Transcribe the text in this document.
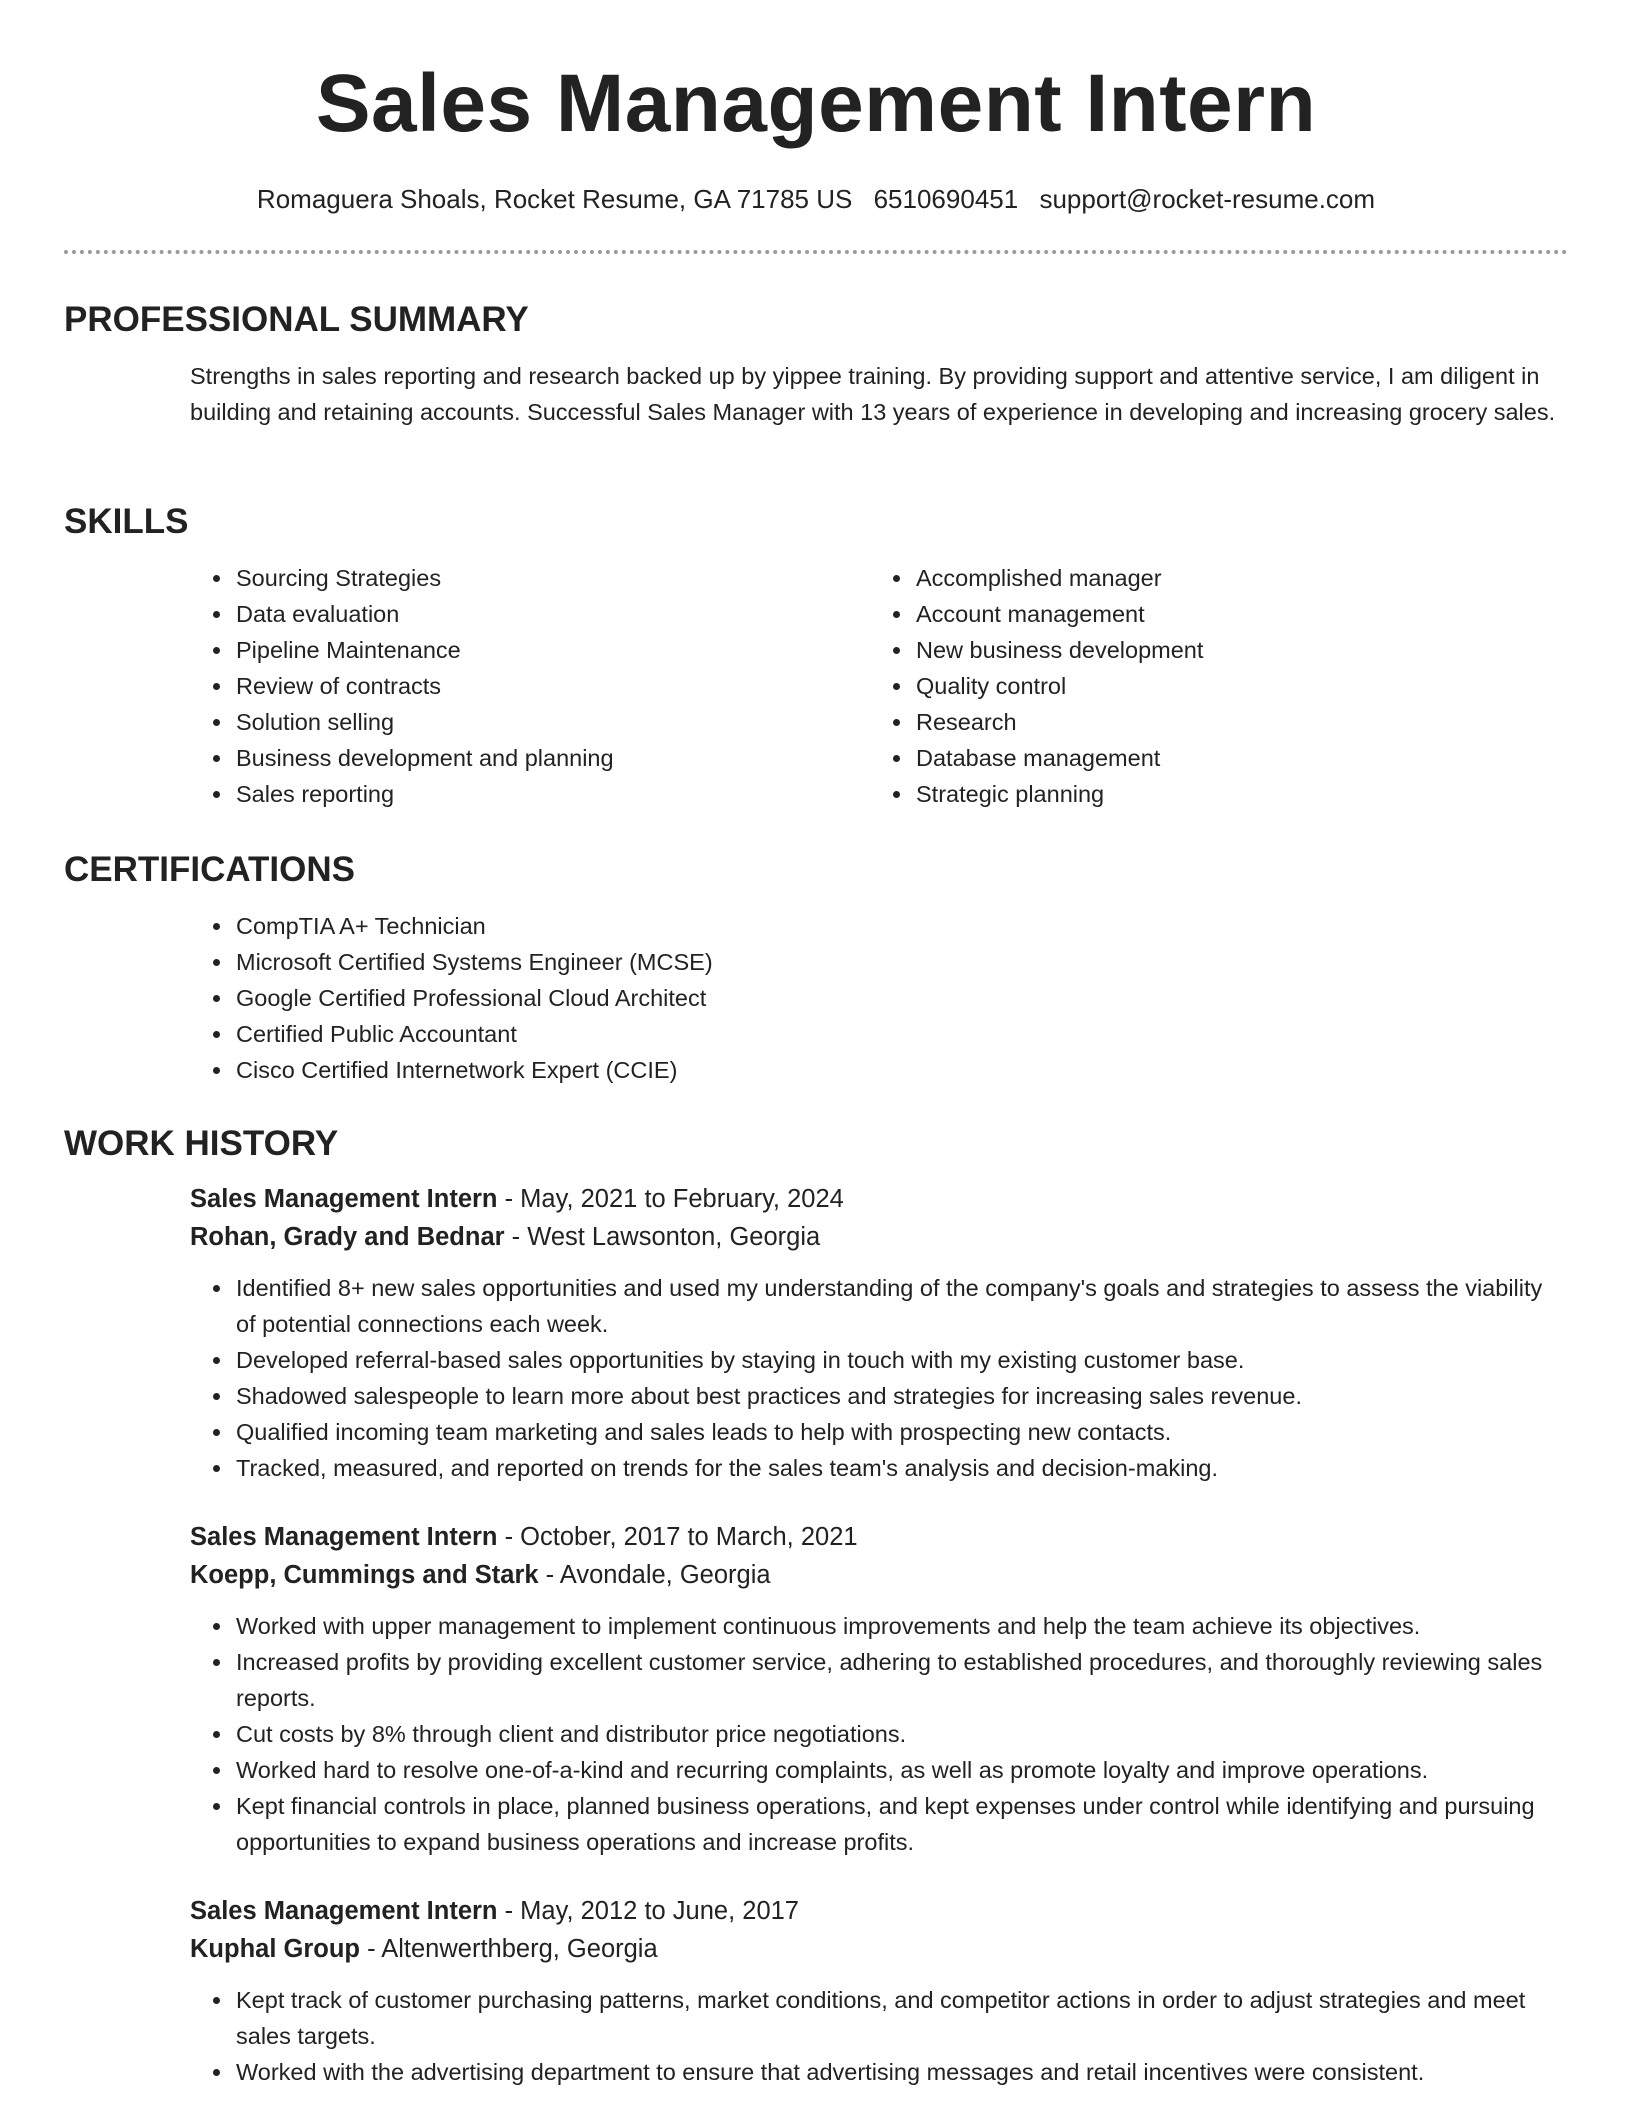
Sales Management Intern
Romaguera Shoals, Rocket Resume, GA 71785 US 6510690451 support@rocket-resume.com
PROFESSIONAL SUMMARY

Strengths in sales reporting and research backed up by yippee training. By providing support and attentive service, I am diligent in building and retaining accounts. Successful Sales Manager with 13 years of experience in developing and increasing grocery sales.

SKILLS
• Sourcing Strategies
• Data evaluation
• Pipeline Maintenance
• Review of contracts
• Solution selling
• Business development and planning
• Sales reporting
• Accomplished manager
• Account management
• New business development
• Quality control
• Research
• Database management
• Strategic planning
CERTIFICATIONS
• CompTIA A+ Technician
• Microsoft Certified Systems Engineer (MCSE)
• Google Certified Professional Cloud Architect
• Certified Public Accountant
• Cisco Certified Internetwork Expert (CCIE)
WORK HISTORY
Sales Management Intern - May, 2021 to February, 2024
Rohan, Grady and Bednar - West Lawsonton, Georgia
• Identified 8+ new sales opportunities and used my understanding of the company's goals and strategies to assess the viability of potential connections each week.
• Developed referral-based sales opportunities by staying in touch with my existing customer base.
• Shadowed salespeople to learn more about best practices and strategies for increasing sales revenue.
• Qualified incoming team marketing and sales leads to help with prospecting new contacts.
• Tracked, measured, and reported on trends for the sales team's analysis and decision-making.
Sales Management Intern - October, 2017 to March, 2021
Koepp, Cummings and Stark - Avondale, Georgia
• Worked with upper management to implement continuous improvements and help the team achieve its objectives.
• Increased profits by providing excellent customer service, adhering to established procedures, and thoroughly reviewing sales reports.
• Cut costs by 8% through client and distributor price negotiations.
• Worked hard to resolve one-of-a-kind and recurring complaints, as well as promote loyalty and improve operations.
• Kept financial controls in place, planned business operations, and kept expenses under control while identifying and pursuing opportunities to expand business operations and increase profits.
Sales Management Intern - May, 2012 to June, 2017
Kuphal Group - Altenwerthberg, Georgia
• Kept track of customer purchasing patterns, market conditions, and competitor actions in order to adjust strategies and meet sales targets.
• Worked with the advertising department to ensure that advertising messages and retail incentives were consistent.
